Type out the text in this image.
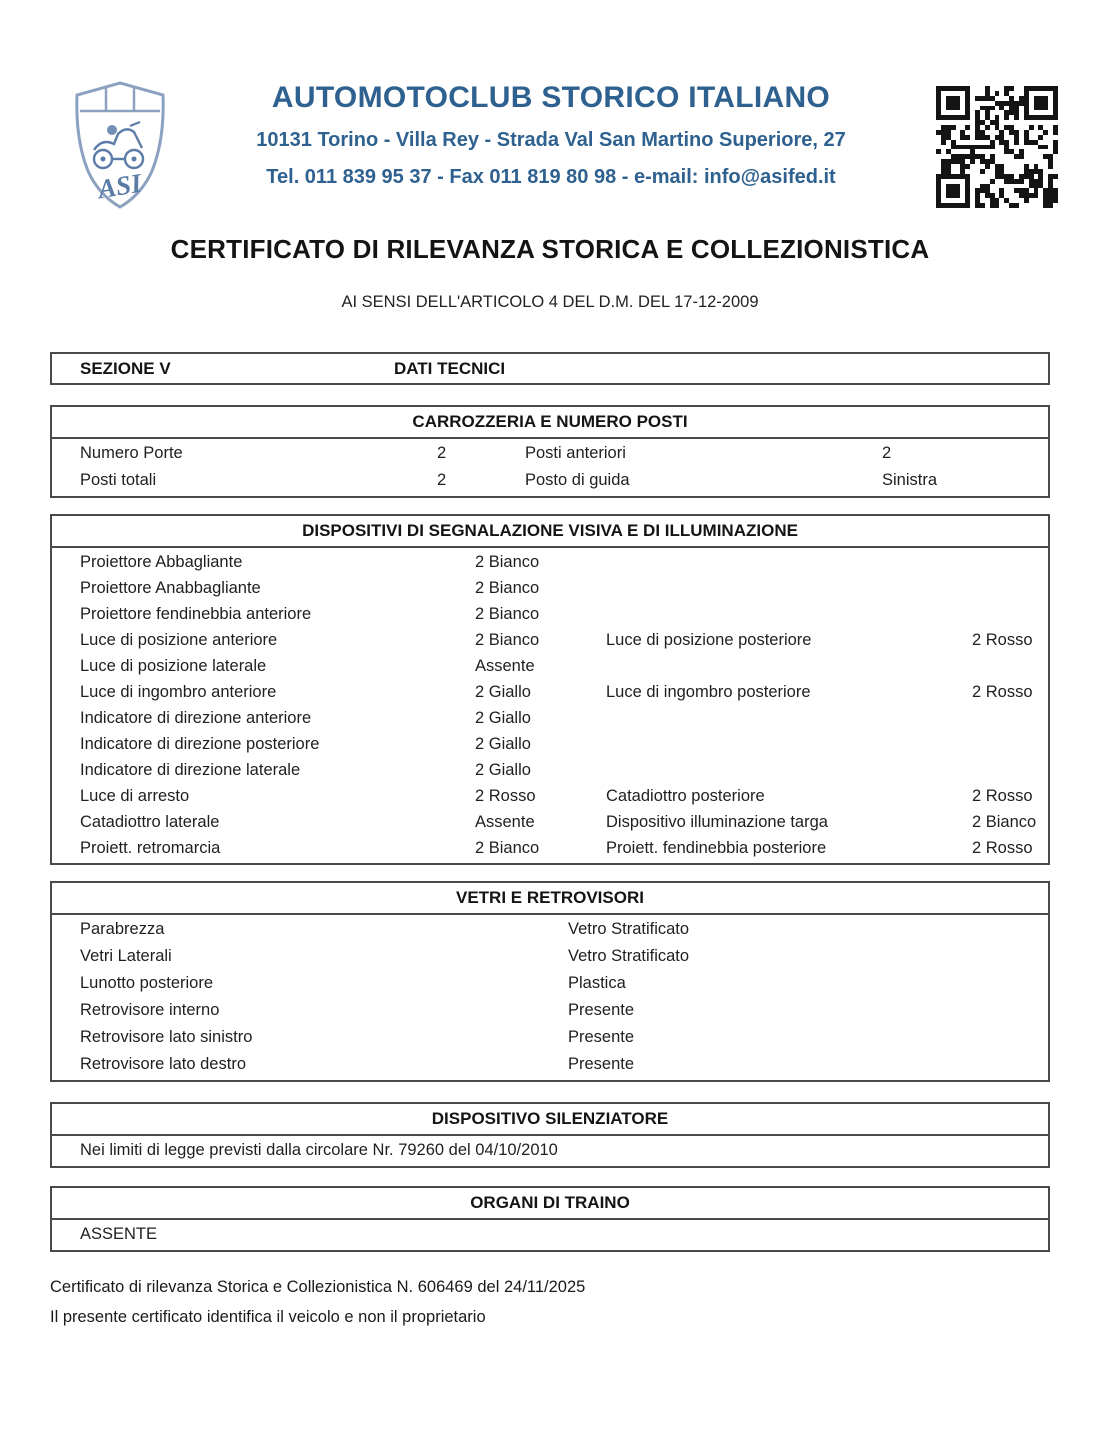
ASI
AUTOMOTOCLUB STORICO ITALIANO
10131 Torino - Villa Rey - Strada Val San Martino Superiore, 27
Tel. 011 839 95 37 - Fax 011 819 80 98 - e-mail: info@asifed.it
CERTIFICATO DI RILEVANZA STORICA E COLLEZIONISTICA
AI SENSI DELL'ARTICOLO 4 DEL D.M. DEL 17-12-2009
SEZIONE V	DATI TECNICI
CARROZZERIA E NUMERO POSTI
Numero Porte	2	Posti anteriori	2
Posti totali	2	Posto di guida	Sinistra
DISPOSITIVI DI SEGNALAZIONE VISIVA E DI ILLUMINAZIONE
Proiettore Abbagliante	2 Bianco
Proiettore Anabbagliante	2 Bianco
Proiettore fendinebbia anteriore	2 Bianco
Luce di posizione anteriore	2 Bianco	Luce di posizione posteriore	2 Rosso
Luce di posizione laterale	Assente
Luce di ingombro anteriore	2 Giallo	Luce di ingombro posteriore	2 Rosso
Indicatore di direzione anteriore	2 Giallo
Indicatore di direzione posteriore	2 Giallo
Indicatore di direzione laterale	2 Giallo
Luce di arresto	2 Rosso	Catadiottro posteriore	2 Rosso
Catadiottro laterale	Assente	Dispositivo illuminazione targa	2 Bianco
Proiett. retromarcia	2 Bianco	Proiett. fendinebbia posteriore	2 Rosso
VETRI E RETROVISORI
Parabrezza	Vetro Stratificato
Vetri Laterali	Vetro Stratificato
Lunotto posteriore	Plastica
Retrovisore interno	Presente
Retrovisore lato sinistro	Presente
Retrovisore lato destro	Presente
DISPOSITIVO SILENZIATORE
Nei limiti di legge previsti dalla circolare Nr. 79260 del 04/10/2010
ORGANI DI TRAINO
ASSENTE
Certificato di rilevanza Storica e Collezionistica N. 606469 del 24/11/2025
Il presente certificato identifica il veicolo e non il proprietario
